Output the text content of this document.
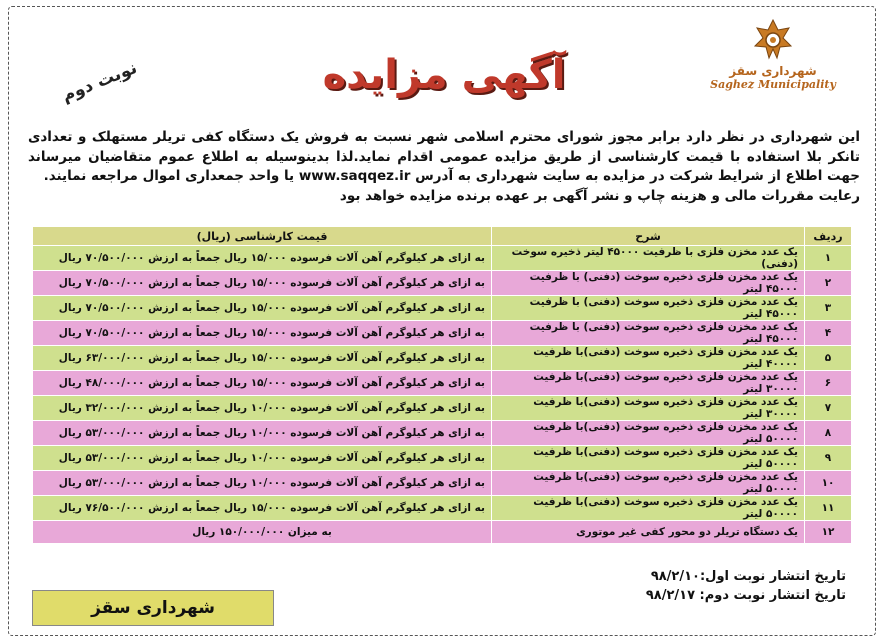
شهرداری سقز
Saghez Municipality
آگهی مزایده
نوبت دوم
این شهرداری در نظر دارد برابر مجوز شورای محترم اسلامی شهر نسبت به فروش یک دستگاه کفی تریلر مستهلک و تعدادی تانکر بلا استفاده با قیمت کارشناسی از طریق مزایده عمومی اقدام نماید.لذا بدینوسیله به اطلاع عموم متقاضیان میرساند جهت اطلاع از شرایط شرکت در مزایده به سایت شهرداری به آدرس www.saqqez.ir یا واحد جمعداری اموال مراجعه نمایند.
رعایت مقررات مالی و هزینه چاپ و نشر آگهی بر عهده برنده مزایده خواهد بود
ردیف	شرح	قیمت کارشناسی (ریال)
۱	یک عدد مخزن فلزی با ظرفیت ۴۵۰۰۰ لیتر ذخیره سوخت (دفنی)	به ازای هر کیلوگرم آهن آلات فرسوده ۱۵/۰۰۰ ریال جمعاً به ارزش ۷۰/۵۰۰/۰۰۰ ریال
۲	یک عدد مخزن فلزی ذخیره سوخت (دفنی) با ظرفیت ۴۵۰۰۰ لیتر	به ازای هر کیلوگرم آهن آلات فرسوده ۱۵/۰۰۰ ریال جمعاً به ارزش ۷۰/۵۰۰/۰۰۰ ریال
۳	یک عدد مخزن فلزی ذخیره سوخت (دفنی) با ظرفیت ۴۵۰۰۰ لیتر	به ازای هر کیلوگرم آهن آلات فرسوده ۱۵/۰۰۰ ریال جمعاً به ارزش ۷۰/۵۰۰/۰۰۰ ریال
۴	یک عدد مخزن فلزی ذخیره سوخت (دفنی) با ظرفیت ۴۵۰۰۰ لیتر	به ازای هر کیلوگرم آهن آلات فرسوده ۱۵/۰۰۰ ریال جمعاً به ارزش ۷۰/۵۰۰/۰۰۰ ریال
۵	یک عدد مخزن فلزی ذخیره سوخت (دفنی)با ظرفیت ۴۰۰۰۰ لیتر	به ازای هر کیلوگرم آهن آلات فرسوده ۱۵/۰۰۰ ریال جمعاً به ارزش ۶۳/۰۰۰/۰۰۰ ریال
۶	یک عدد مخزن فلزی ذخیره سوخت (دفنی)با ظرفیت ۳۰۰۰۰ لیتر	به ازای هر کیلوگرم آهن آلات فرسوده ۱۵/۰۰۰ ریال جمعاً به ارزش ۴۸/۰۰۰/۰۰۰ ریال
۷	یک عدد مخزن فلزی ذخیره سوخت (دفنی)با ظرفیت ۳۰۰۰۰ لیتر	به ازای هر کیلوگرم آهن آلات فرسوده ۱۰/۰۰۰ ریال جمعاً به ارزش ۳۲/۰۰۰/۰۰۰ ریال
۸	یک عدد مخزن فلزی ذخیره سوخت (دفنی)با ظرفیت ۵۰۰۰۰ لیتر	به ازای هر کیلوگرم آهن آلات فرسوده ۱۰/۰۰۰ ریال جمعاً به ارزش ۵۳/۰۰۰/۰۰۰ ریال
۹	یک عدد مخزن فلزی ذخیره سوخت (دفنی)با ظرفیت ۵۰۰۰۰ لیتر	به ازای هر کیلوگرم آهن آلات فرسوده ۱۰/۰۰۰ ریال جمعاً به ارزش ۵۳/۰۰۰/۰۰۰ ریال
۱۰	یک عدد مخزن فلزی ذخیره سوخت (دفنی)با ظرفیت ۵۰۰۰۰ لیتر	به ازای هر کیلوگرم آهن آلات فرسوده ۱۰/۰۰۰ ریال جمعاً به ارزش ۵۳/۰۰۰/۰۰۰ ریال
۱۱	یک عدد مخزن فلزی ذخیره سوخت (دفنی)با ظرفیت ۵۰۰۰۰ لیتر	به ازای هر کیلوگرم آهن آلات فرسوده ۱۵/۰۰۰ ریال جمعاً به ارزش ۷۶/۵۰۰/۰۰۰ ریال
۱۲	یک دستگاه تریلر دو محور کفی غیر موتوری	به میزان ۱۵۰/۰۰۰/۰۰۰ ریال
تاریخ انتشار نوبت اول:۹۸/۲/۱۰
تاریخ انتشار نوبت دوم: ۹۸/۲/۱۷
شهرداری سقز
